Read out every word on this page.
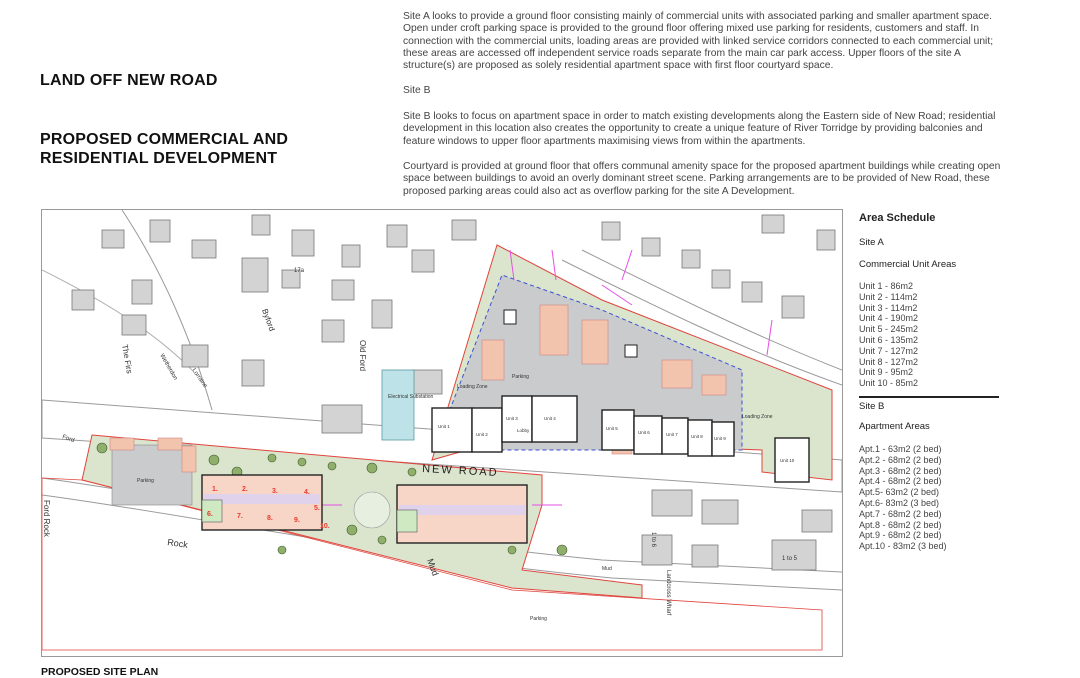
LAND OFF NEW ROAD
PROPOSED COMMERCIAL AND RESIDENTIAL DEVELOPMENT
Site A looks to provide a ground floor consisting mainly of commercial units with associated parking and smaller apartment space. Open under croft parking space is provided to the ground floor offering mixed use parking for residents, customers and staff. In connection with the commercial units, loading areas are provided with linked service corridors connected to each commercial unit; these areas are accessed off independent service roads separate from the main car park access. Upper floors of the site A structure(s) are proposed as solely residential apartment space with first floor courtyard space.
Site B
Site B looks to focus on apartment space in order to match existing developments along the Eastern side of New Road; residential development in this location also creates the opportunity to create a unique feature of River Torridge by providing balconies and feature windows to upper floor apartments maximising views from within the apartments.
Courtyard is provided at ground floor that offers communal amenity space for the proposed apartment buildings while creating open space between buildings to avoid an overly dominant street scene. Parking arrangements are to be provided of New Road, these proposed parking areas could also act as overflow parking for the site A Development.
Area Schedule
Site A
Commercial Unit Areas
Unit 1 - 86m2
Unit 2 - 114m2
Unit 3 - 114m2
Unit 4 - 190m2
Unit 5 - 245m2
Unit 6 - 135m2
Unit 7 - 127m2
Unit 8 - 127m2
Unit 9 - 95m2
Unit 10 - 85m2
Site B
Apartment Areas
Apt.1 - 63m2 (2 bed)
Apt.2 - 68m2 (2 bed)
Apt.3 - 68m2 (2 bed)
Apt.4 - 68m2 (2 bed)
Apt.5- 63m2 (2 bed)
Apt.6- 83m2 (3 bed)
Apt.7 - 68m2 (2 bed)
Apt.8 - 68m2 (2 bed)
Apt.9 - 68m2 (2 bed)
Apt.10 - 83m2 (3 bed)
Electrical Substation
Parking
Unit 1
Unit 2
Unit 3	Unit 4
Unit 5
Unit 6	Unit 7	Unit 8 Unit 9
Unit 10
Lobby
Loading Zone
Loading Zone
Parking
1.	2.	3.	4.
5.
6.	7.	8.	9.
10.
NEW ROAD
Rock
Mud	Mud
Ford Rock
Ford
Old Ford
Byford
The Firs	Wetherdon Lorraine
Landcross Wharf
17a
1 to 6
1 to 5
Parking
PROPOSED SITE PLAN
